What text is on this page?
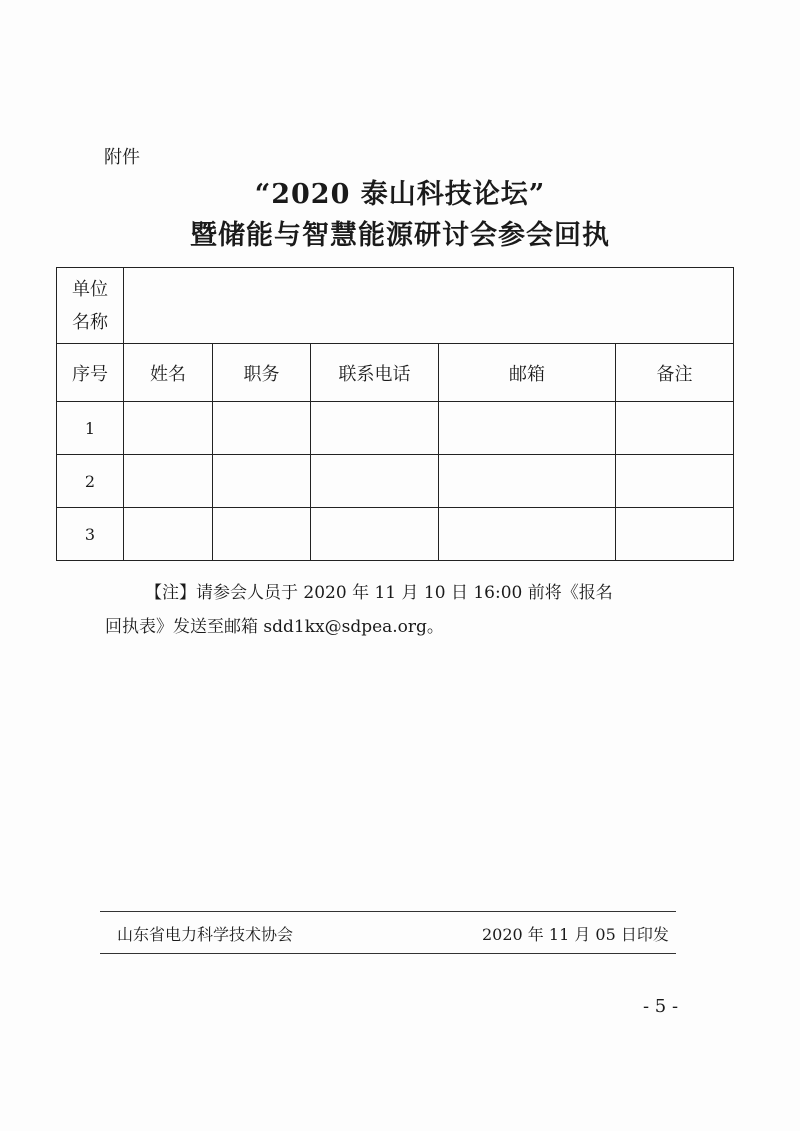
附件
“2020 泰山科技论坛”
暨储能与智慧能源研讨会参会回执
单位名称					
序号	姓名	职务	联系电话	邮箱	备注
1					
2					
3					
【注】请参会人员于 2020 年 11 月 10 日 16:00 前将《报名
回执表》发送至邮箱 sdd1kx@sdpea.org。
山东省电力科学技术协会	2020 年 11 月 05 日印发
- 5 -
